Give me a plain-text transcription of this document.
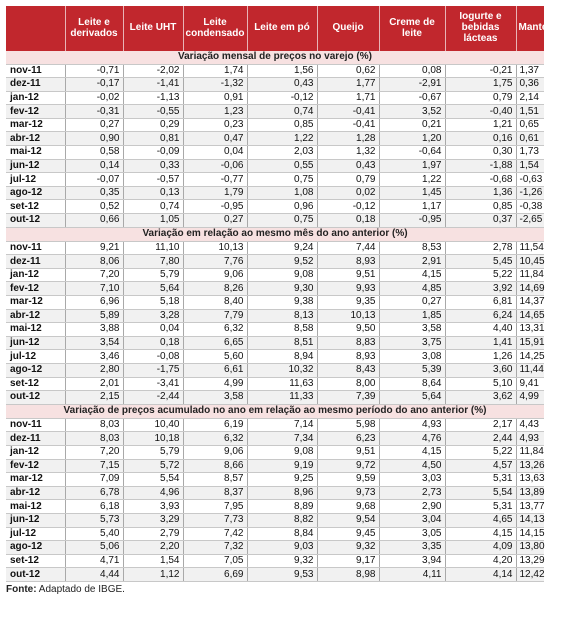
	Leite e derivados	Leite UHT	Leite condensado	Leite em pó	Queijo	Creme de leite	Iogurte e bebidas lácteas	Manteiga
Variação mensal de preços no varejo (%)								
nov-11	-0,71	-2,02	1,74	1,56	0,62	0,08	-0,21	1,37
dez-11	-0,17	-1,41	-1,32	0,43	1,77	-2,91	1,75	0,36
jan-12	-0,02	-1,13	0,91	-0,12	1,71	-0,67	0,79	2,14
fev-12	-0,31	-0,55	1,23	0,74	-0,41	3,52	-0,40	1,51
mar-12	0,27	0,29	0,23	0,85	-0,41	0,21	1,21	0,65
abr-12	0,90	0,81	0,47	1,22	1,28	1,20	0,16	0,61
mai-12	0,58	-0,09	0,04	2,03	1,32	-0,64	0,30	1,73
jun-12	0,14	0,33	-0,06	0,55	0,43	1,97	-1,88	1,54
jul-12	-0,07	-0,57	-0,77	0,75	0,79	1,22	-0,68	-0,63
ago-12	0,35	0,13	1,79	1,08	0,02	1,45	1,36	-1,26
set-12	0,52	0,74	-0,95	0,96	-0,12	1,17	0,85	-0,38
out-12	0,66	1,05	0,27	0,75	0,18	-0,95	0,37	-2,65
Variação em relação ao mesmo mês do ano anterior (%)								
nov-11	9,21	11,10	10,13	9,24	7,44	8,53	2,78	11,54
dez-11	8,06	7,80	7,76	9,52	8,93	2,91	5,45	10,45
jan-12	7,20	5,79	9,06	9,08	9,51	4,15	5,22	11,84
fev-12	7,10	5,64	8,26	9,30	9,93	4,85	3,92	14,69
mar-12	6,96	5,18	8,40	9,38	9,35	0,27	6,81	14,37
abr-12	5,89	3,28	7,79	8,13	10,13	1,85	6,24	14,65
mai-12	3,88	0,04	6,32	8,58	9,50	3,58	4,40	13,31
jun-12	3,54	0,18	6,65	8,51	8,83	3,75	1,41	15,91
jul-12	3,46	-0,08	5,60	8,94	8,93	3,08	1,26	14,25
ago-12	2,80	-1,75	6,61	10,32	8,43	5,39	3,60	11,44
set-12	2,01	-3,41	4,99	11,63	8,00	8,64	5,10	9,41
out-12	2,15	-2,44	3,58	11,33	7,39	5,64	3,62	4,99
Variação de preços acumulado no ano em relação ao mesmo período do ano anterior (%)								
nov-11	8,03	10,40	6,19	7,14	5,98	4,93	2,17	4,43
dez-11	8,03	10,18	6,32	7,34	6,23	4,76	2,44	4,93
jan-12	7,20	5,79	9,06	9,08	9,51	4,15	5,22	11,84
fev-12	7,15	5,72	8,66	9,19	9,72	4,50	4,57	13,26
mar-12	7,09	5,54	8,57	9,25	9,59	3,03	5,31	13,63
abr-12	6,78	4,96	8,37	8,96	9,73	2,73	5,54	13,89
mai-12	6,18	3,93	7,95	8,89	9,68	2,90	5,31	13,77
jun-12	5,73	3,29	7,73	8,82	9,54	3,04	4,65	14,13
jul-12	5,40	2,79	7,42	8,84	9,45	3,05	4,15	14,15
ago-12	5,06	2,20	7,32	9,03	9,32	3,35	4,09	13,80
set-12	4,71	1,54	7,05	9,32	9,17	3,94	4,20	13,29
out-12	4,44	1,12	6,69	9,53	8,98	4,11	4,14	12,42
Fonte: Adaptado de IBGE.
